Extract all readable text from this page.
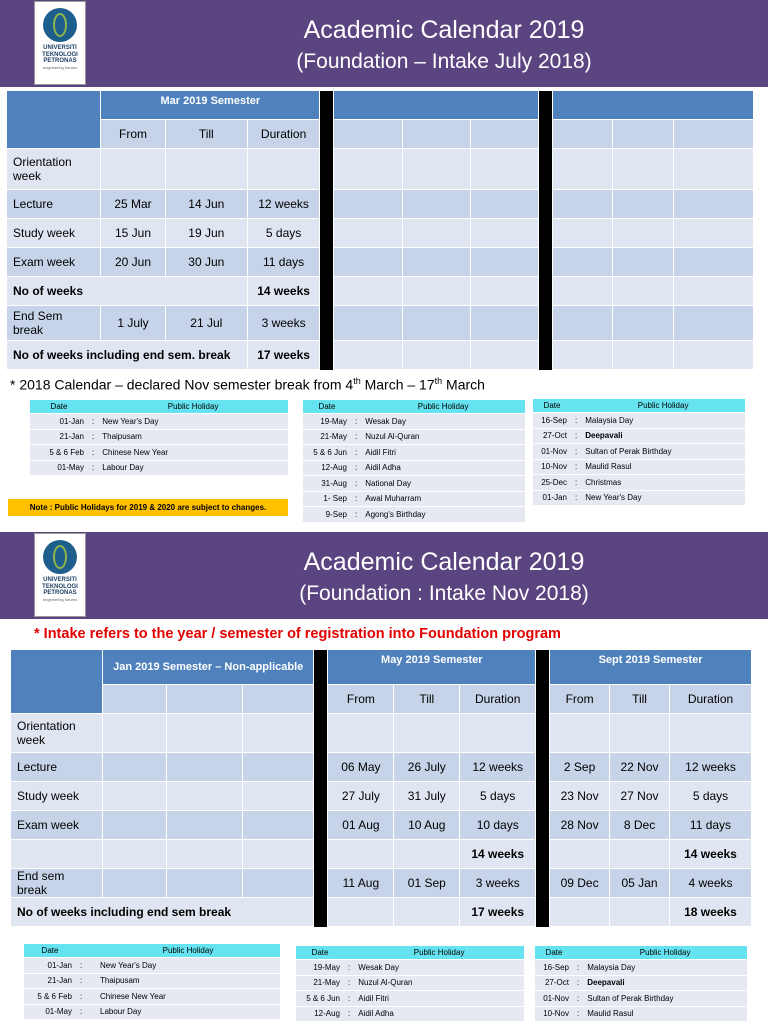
UNIVERSITI
TEKNOLOGI
PETRONAS
engineering futures
Academic Calendar 2019
(Foundation – Intake July 2018)
	Mar 2019 Semester										
	From	Till	Duration								
Orientation week											
Lecture	25 Mar	14 Jun	12 weeks								
Study week	15 Jun	19 Jun	5 days								
Exam week	20 Jun	30 Jun	11 days								
No of weeks			14 weeks								
End Sem break	1 July	21 Jul	3 weeks								
No of weeks including end sem. break			17 weeks								
* 2018 Calendar – declared Nov semester break from 4th March – 17th March
Date		Public Holiday
01-Jan	:	New Year's Day
21-Jan	:	Thaipusam
5 & 6 Feb	:	Chinese New Year
01-May	:	Labour Day
Date		Public Holiday
19-May	:	Wesak Day
21-May	:	Nuzul Al-Quran
5 & 6 Jun	:	Aidil Fitri
12-Aug	:	Aidil Adha
31-Aug	:	National Day
1- Sep	:	Awal Muharram
9-Sep	:	Agong's Birthday
Date		Public Holiday
16-Sep	:	Malaysia Day
27-Oct	:	Deepavali
01-Nov	:	Sultan of Perak Birthday
10-Nov	:	Maulid Rasul
25-Dec	:	Christmas
01-Jan	:	New Year's Day
Note : Public Holidays for 2019 & 2020 are subject to changes.
UNIVERSITI
TEKNOLOGI
PETRONAS
engineering futures
Academic Calendar 2019
(Foundation : Intake Nov 2018)
* Intake refers to the year / semester of registration into Foundation program
	Jan 2019 Semester – Non-applicable				May 2019 Semester				Sept 2019 Semester		
					From	Till	Duration		From	Till	Duration
Orientation week											
Lecture					06 May	26 July	12 weeks		2 Sep	22 Nov	12 weeks
Study week					27 July	31 July	5 days		23 Nov	27 Nov	5 days
Exam week					01 Aug	10 Aug	10 days		28 Nov	8 Dec	11 days
							14 weeks				14 weeks
End sem break					11 Aug	01 Sep	3 weeks		09 Dec	05 Jan	4 weeks
No of weeks including end sem break							17 weeks				18 weeks
Date		Public Holiday
01-Jan	:	New Year's Day
21-Jan	:	Thaipusam
5 & 6 Feb	:	Chinese New Year
01-May	:	Labour Day
Date		Public Holiday
19-May	:	Wesak Day
21-May	:	Nuzul Al-Quran
5 & 6 Jun	:	Aidil Fitri
12-Aug	:	Aidil Adha
Date		Public Holiday
16-Sep	:	Malaysia Day
27-Oct	:	Deepavali
01-Nov	:	Sultan of Perak Birthday
10-Nov	:	Maulid Rasul
